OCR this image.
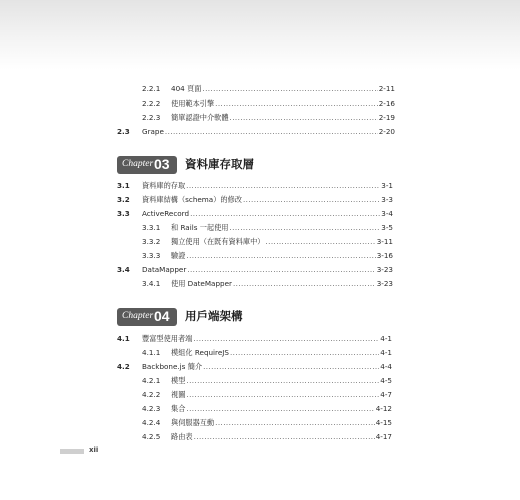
2.2.1 404 頁面 .....	2-11
2.2.2 使用範本引擎 .....	2-16
2.2.3 簡單認證中介軟體 .....	2-19
2.3 Grape .....	2-20
Chapter 03 資料庫存取層
3.1 資料庫的存取 .....	3-1
3.2 資料庫結構（schema）的修改 .....	3-3
3.3 ActiveRecord .....	3-4
3.3.1 和 Rails 一起使用 .....	3-5
3.3.2 獨立使用（在既有資料庫中） .....	3-11
3.3.3 驗證 .....	3-16
3.4 DataMapper .....	3-23
3.4.1 使用 DateMapper .....	3-23
Chapter 04 用戶端架構
4.1 豐富型使用者端 .....	4-1
4.1.1 模組化 RequireJS .....	4-1
4.2 Backbone.js 簡介 .....	4-4
4.2.1 模型 .....	4-5
4.2.2 視圖 .....	4-7
4.2.3 集合 .....	4-12
4.2.4 與伺服器互動 .....	4-15
4.2.5 路由表 .....	4-17
xii
